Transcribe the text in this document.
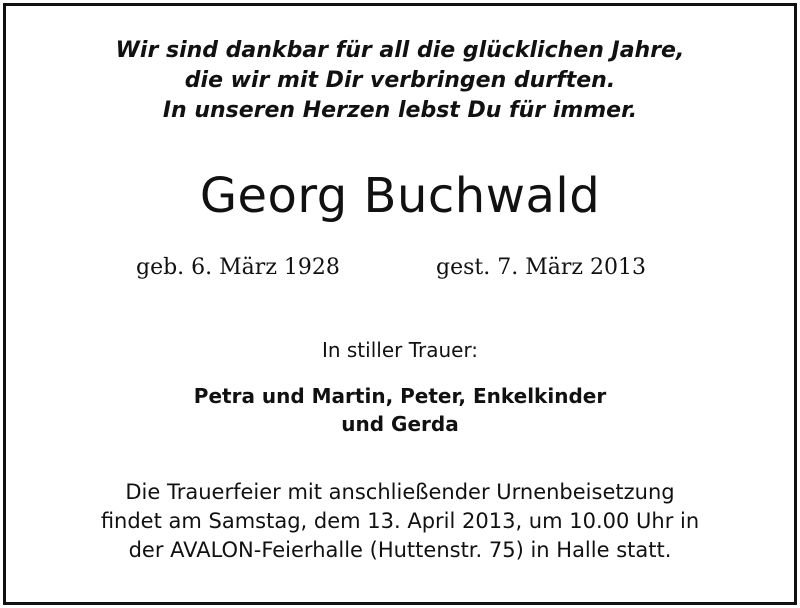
Wir sind dankbar für all die glücklichen Jahre,
die wir mit Dir verbringen durften.
In unseren Herzen lebst Du für immer.
Georg Buchwald
geb. 6. März 1928	gest. 7. März 2013
In stiller Trauer:
Petra und Martin, Peter, Enkelkinder
und Gerda
Die Trauerfeier mit anschließender Urnenbeisetzung
findet am Samstag, dem 13. April 2013, um 10.00 Uhr in
der AVALON-Feierhalle (Huttenstr. 75) in Halle statt.
